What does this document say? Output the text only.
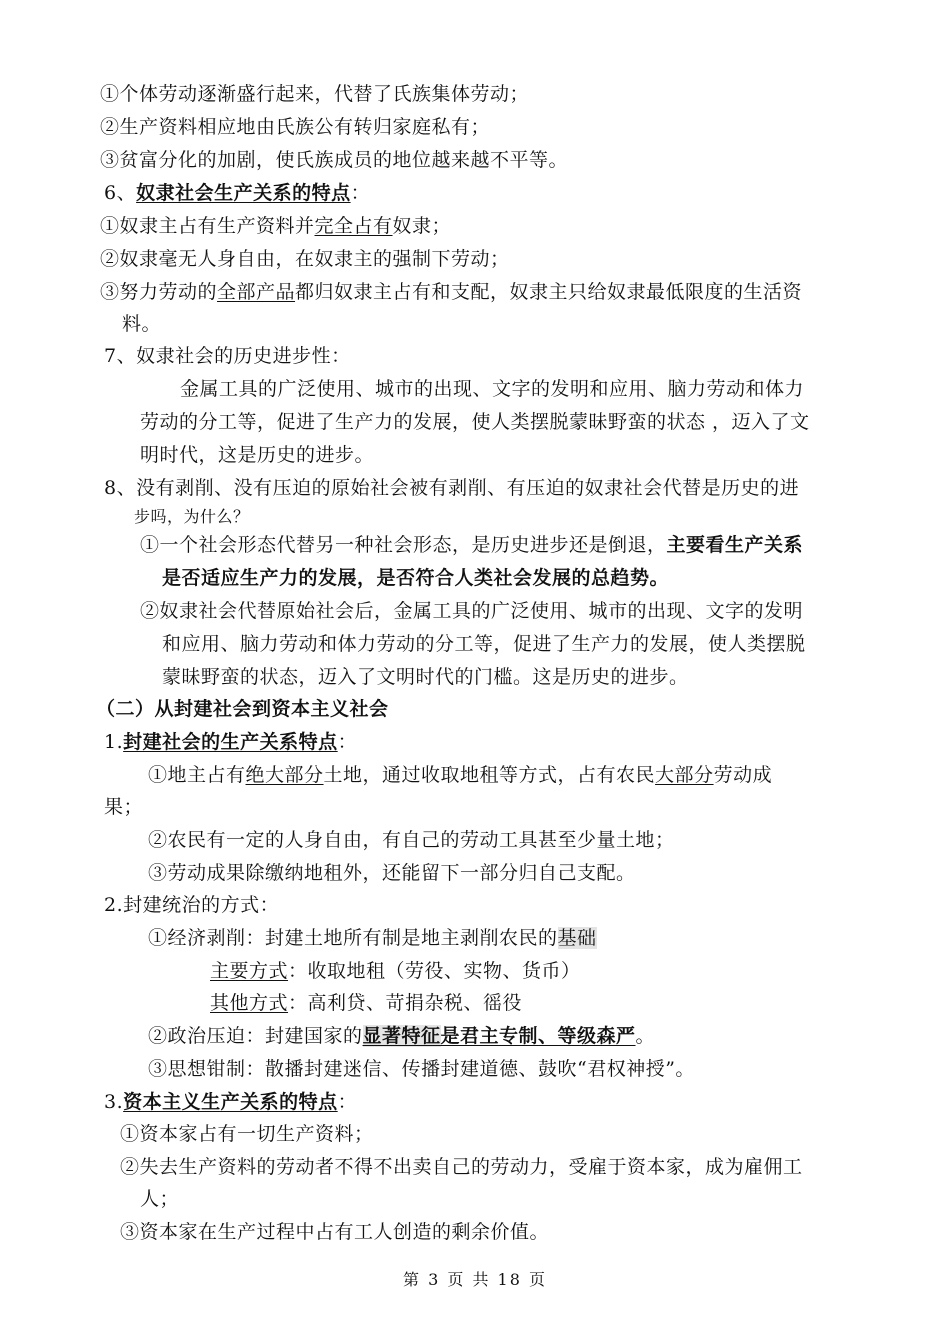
①个体劳动逐渐盛行起来，代替了氏族集体劳动；
②生产资料相应地由氏族公有转归家庭私有；
③贫富分化的加剧，使氏族成员的地位越来越不平等。
6、奴隶社会生产关系的特点：
①奴隶主占有生产资料并完全占有奴隶；
②奴隶毫无人身自由，在奴隶主的强制下劳动；
③努力劳动的全部产品都归奴隶主占有和支配，奴隶主只给奴隶最低限度的生活资
料。
7、奴隶社会的历史进步性：
金属工具的广泛使用、城市的出现、文字的发明和应用、脑力劳动和体力
劳动的分工等，促进了生产力的发展，使人类摆脱蒙昧野蛮的状态 ，迈入了文
明时代，这是历史的进步。
8、没有剥削、没有压迫的原始社会被有剥削、有压迫的奴隶社会代替是历史的进
步吗，为什么？
①一个社会形态代替另一种社会形态，是历史进步还是倒退，主要看生产关系
是否适应生产力的发展，是否符合人类社会发展的总趋势。
②奴隶社会代替原始社会后，金属工具的广泛使用、城市的出现、文字的发明
和应用、脑力劳动和体力劳动的分工等，促进了生产力的发展，使人类摆脱
蒙昧野蛮的状态，迈入了文明时代的门槛。这是历史的进步。
（二）从封建社会到资本主义社会
1.封建社会的生产关系特点：
①地主占有绝大部分土地，通过收取地租等方式，占有农民大部分劳动成
果；
②农民有一定的人身自由，有自己的劳动工具甚至少量土地；
③劳动成果除缴纳地租外，还能留下一部分归自己支配。
2.封建统治的方式：
①经济剥削：封建土地所有制是地主剥削农民的基础
主要方式：收取地租（劳役、实物、货币）
其他方式：高利贷、苛捐杂税、徭役
②政治压迫：封建国家的显著特征是君主专制、等级森严。
③思想钳制：散播封建迷信、传播封建道德、鼓吹“君权神授”。
3.资本主义生产关系的特点：
①资本家占有一切生产资料；
②失去生产资料的劳动者不得不出卖自己的劳动力，受雇于资本家，成为雇佣工
人；
③资本家在生产过程中占有工人创造的剩余价值。
第 3 页 共 18 页
